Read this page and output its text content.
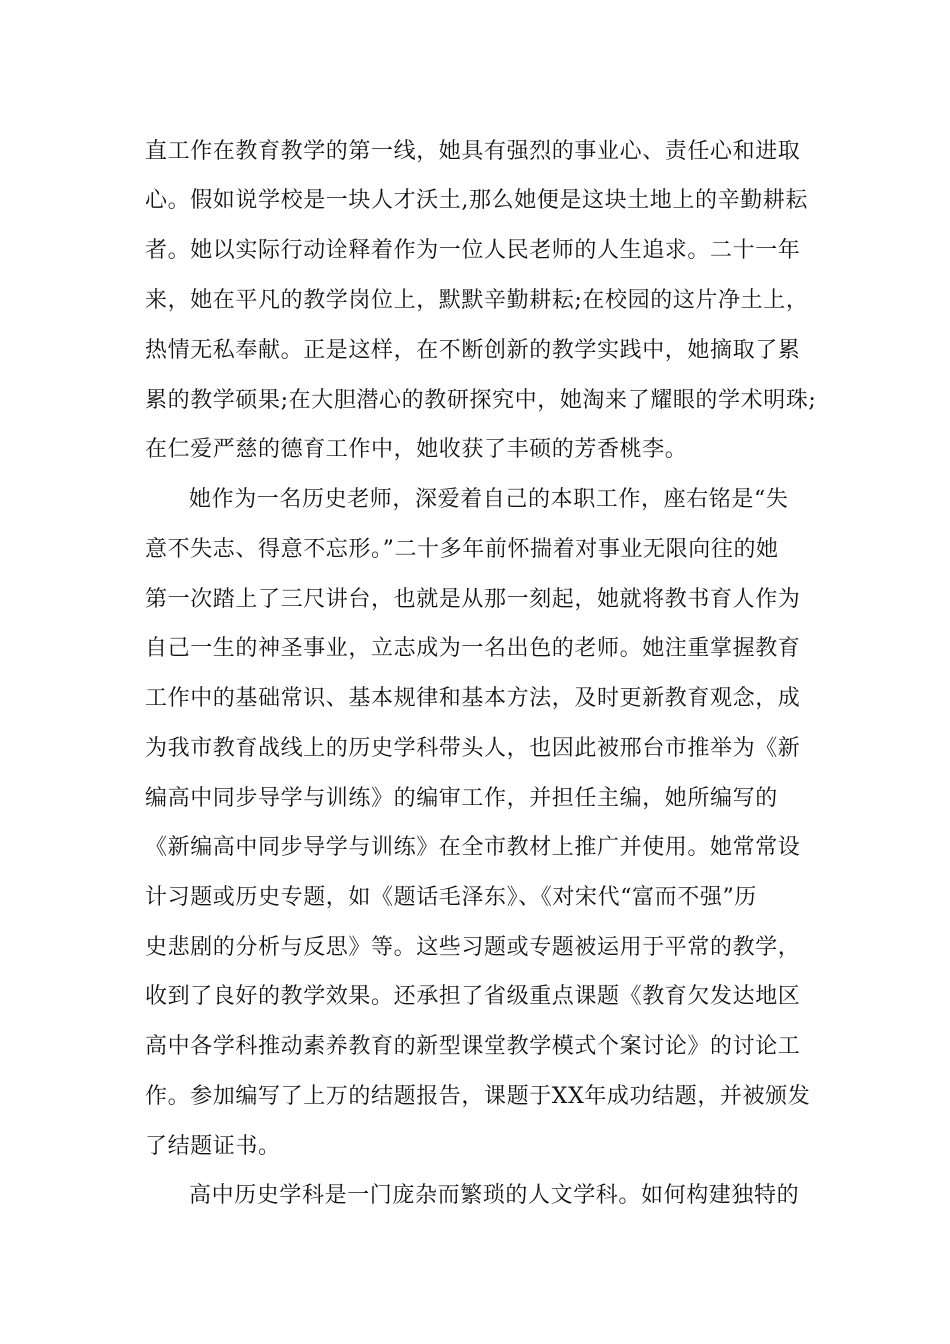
直工作在教育教学的第一线，她具有强烈的事业心、责任心和进取
心。假如说学校是一块人才沃土,那么她便是这块土地上的辛勤耕耘
者。她以实际行动诠释着作为一位人民老师的人生追求。二十一年
来，她在平凡的教学岗位上，默默辛勤耕耘;在校园的这片净土上，
热情无私奉献。正是这样，在不断创新的教学实践中，她摘取了累
累的教学硕果;在大胆潜心的教研探究中，她淘来了耀眼的学术明珠;
在仁爱严慈的德育工作中，她收获了丰硕的芳香桃李。
她作为一名历史老师，深爱着自己的本职工作，座右铭是“失
意不失志、得意不忘形。”二十多年前怀揣着对事业无限向往的她
第一次踏上了三尺讲台，也就是从那一刻起，她就将教书育人作为
自己一生的神圣事业，立志成为一名出色的老师。她注重掌握教育
工作中的基础常识、基本规律和基本方法，及时更新教育观念，成
为我市教育战线上的历史学科带头人，也因此被邢台市推举为《新
编高中同步导学与训练》的编审工作，并担任主编，她所编写的
《新编高中同步导学与训练》在全市教材上推广并使用。她常常设
计习题或历史专题，如《题话毛泽东》、《对宋代“富而不强”历
史悲剧的分析与反思》等。这些习题或专题被运用于平常的教学，
收到了良好的教学效果。还承担了省级重点课题《教育欠发达地区
高中各学科推动素养教育的新型课堂教学模式个案讨论》的讨论工
作。参加编写了上万的结题报告，课题于XX年成功结题，并被颁发
了结题证书。
高中历史学科是一门庞杂而繁琐的人文学科。如何构建独特的
